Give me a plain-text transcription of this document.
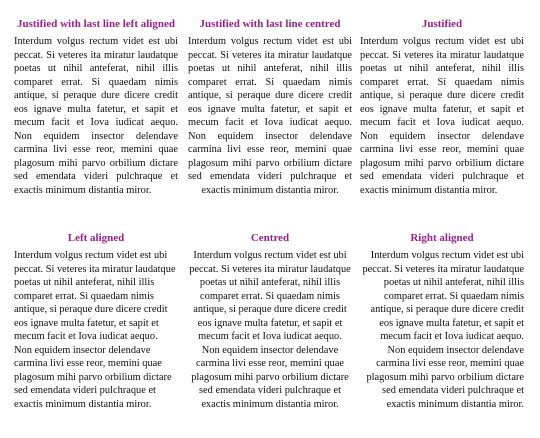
Justified with last line left aligned

Interdum volgus rectum videt est ubi peccat. Si veteres ita miratur laudatque poetas ut nihil anteferat, nihil illis comparet errat. Si quaedam nimis antique, si peraque dure dicere credit eos ignave multa fatetur, et sapit et mecum facit et Iova iudicat aequo. Non equidem insector delendave carmina livi esse reor, memini quae plagosum mihi parvo orbilium dictare sed emendata videri pulchraque et exactis minimum distantia miror.

Justified with last line centred

Interdum volgus rectum videt est ubi peccat. Si veteres ita miratur laudatque poetas ut nihil anteferat, nihil illis comparet errat. Si quaedam nimis antique, si peraque dure dicere credit eos ignave multa fatetur, et sapit et mecum facit et Iova iudicat aequo. Non equidem insector delendave carmina livi esse reor, memini quae plagosum mihi parvo orbilium dictare sed emendata videri pulchraque et exactis minimum distantia miror.

Justified

Interdum volgus rectum videt est ubi peccat. Si veteres ita miratur laudatque poetas ut nihil anteferat, nihil illis comparet errat. Si quaedam nimis antique, si peraque dure dicere credit eos ignave multa fatetur, et sapit et mecum facit et Iova iudicat aequo. Non equidem insector delendave carmina livi esse reor, memini quae plagosum mihi parvo orbilium dictare sed emendata videri pulchraque et exactis minimum distantia miror.

Left aligned

Interdum volgus rectum videt est ubi peccat. Si veteres ita miratur laudatque poetas ut nihil anteferat, nihil illis comparet errat. Si quaedam nimis antique, si peraque dure dicere credit eos ignave multa fatetur, et sapit et mecum facit et Iova iudicat aequo. Non equidem insector delendave carmina livi esse reor, memini quae plagosum mihi parvo orbilium dictare sed emendata videri pulchraque et exactis minimum distantia miror.

Centred

Interdum volgus rectum videt est ubi peccat. Si veteres ita miratur laudatque poetas ut nihil anteferat, nihil illis comparet errat. Si quaedam nimis antique, si peraque dure dicere credit eos ignave multa fatetur, et sapit et mecum facit et Iova iudicat aequo. Non equidem insector delendave carmina livi esse reor, memini quae plagosum mihi parvo orbilium dictare sed emendata videri pulchraque et exactis minimum distantia miror.

Right aligned

Interdum volgus rectum videt est ubi peccat. Si veteres ita miratur laudatque poetas ut nihil anteferat, nihil illis comparet errat. Si quaedam nimis antique, si peraque dure dicere credit eos ignave multa fatetur, et sapit et mecum facit et Iova iudicat aequo. Non equidem insector delendave carmina livi esse reor, memini quae plagosum mihi parvo orbilium dictare sed emendata videri pulchraque et exactis minimum distantia miror.
